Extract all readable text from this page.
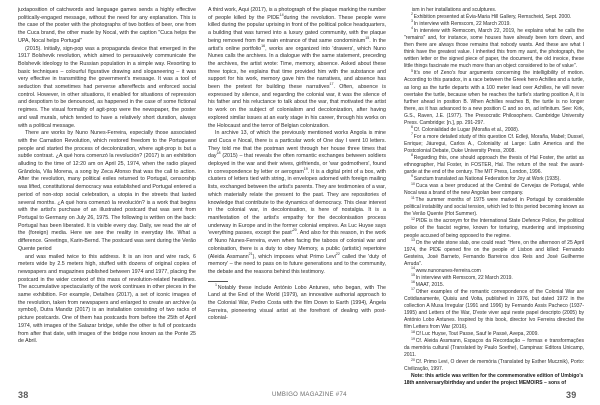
juxtaposition of catchwords and language games sends a highly effective politically-engaged message, without the need for any explanation. This is the case of the poster with the photographs of two bottles of beer, one from the Cuca brand, the other made by Nocal, with the caption "Cuca helps the UPA, Nocal helps Portugal"

(2015). Initially, sign-pop was a propaganda device that emerged in the 1917 Bolshevik revolution, which aimed to persuasively communicate the Bolshevik ideology to the Russian population in a simple way. Resorting to basic techniques – colourful figurative drawing and sloganeering – it was very effective in transmitting the government's message. It was a tool of seduction that sometimes had perverse aftereffects and enforced social control. However, in other situations, it enabled for situations of repression and despotism to be denounced, as happened in the case of some fictional regimes. The visual formality of agit-prop were the newspaper, the poster and wall murals, which tended to have a relatively short duration, always with a political message.

There are works by Nuno Nunes-Ferreira, especially those associated with the Carnation Revolution, which restored freedom to the Portuguese people and started the process of decolonization, where agit-prop is but a subtle contrast. ¿A qué hora comenzó la revolución? (2017) is an exhibition alluding to the time of 12:20 am on April 25, 1974, when the radio played Grândola, Vila Morena, a song by Zeca Afonso that was the call to action. After the revolution, many political exiles returned to Portugal, censorship was lifted, constitutional democracy was established and Portugal entered a period of non-stop social celebration, a utopia in the streets that lasted several months. ¿A qué hora comenzó la revolución? is a work that begins with the artist's purchase of an illustrated postcard that was sent from Portugal to Germany on July 26, 1975. The following is written on the back: Portugal has been liberated. It is visible every day. Daily, we read the air of the (foreign) media. Here we see the reality in everyday life. What a difference. Greetings, Karin-Bernd. The postcard was sent during the Verão Quente period

and was mailed twice to this address. It is an iron and wire rack, 6 meters wide by 2.5 meters high, stuffed with dozens of original copies of newspapers and magazines published between 1974 and 1977, placing the postcard in the wider context of this mass of revolution-related headlines. The accumulative spectacularity of the work continues in other pieces in the same exhibition. For example, Detalhes (2017), a set of iconic images of the revolution, taken from newspapers and enlarged to create an archive (a symbol), Dutra Mandiz (2017) is an installation consisting of two racks of picture postcards. One of them has postcards from before the 25th of April 1974, with images of the Salazar bridge, while the other is full of postcards from after that date, with images of the bridge now known as the Ponte 25 de Abril.

A third work, Aqui (2017), is a photograph of the plaque marking the number of people killed by the PIDE$^{14}$during the revolution. These people were killed during the popular uprising in front of the political police headquarters, a building that was turned into a luxury gated community, with the plaque being removed from the main entrance of that same condominium$^{15}$. In the artist's online portfolio$^{16}$, works are organized into 'drawers', which Nuno Nunes calls the archives. In a dialogue with the same statement, preceding the archives, the artist wrote: Time, memory, absence. Asked about these three topics, he explains that time provided him with the substance and support for his work, memory gave him the narratives, and absence has been the pretext for building these narratives$^{17}$. Often, absence is expressed by silence, and regarding the colonial war, it was the silence of his father and his reluctance to talk about the war, that motivated the artist to work on the subject of colonialism and decolonization, after having explored similar issues at an early stage in his career, through his works on the Holocaust and the terror of Belgian colonization.

In archive 13, of which the previously mentioned works Angola is mine and Cuca e Nocal, there is a particular work of One day I went 10 letters. They told me that the postman went through her house three times that day$^{18}$ (2015) – that reveals the often romantic exchanges between soldiers deployed in the war and their wives, girlfriends, or 'war godmothers', found in correspondence by letter or aerogram$^{19}$. It is a digital print of a box, with clusters of letters tied with string, in envelopes adorned with foreign mailing lists, exchanged between the artist's parents. They are testimonies of a war, which materially relate the present to the past. They are repositories of knowledge that contribute to the dynamics of democracy. This clear interest in the colonial war, in decolonisation, is here of nostalgia. It is a manifestation of the artist's empathy for the decolonisation process underway in Europe and in the former colonial empires. As Luc Huyse says 'everything passes, except the $past'^{20}$. And also for this reason, in the work of Nuno Nunes-Ferreira, even when facing the taboos of colonial war and colonisation, there is a duty to obey Memory, a public (artistic) repertoire (Aleida Assmann$^{21}$), which imposes what Primo Levi$^{22}$ called the 'duty of memory' – the need to pass on to future generations and to the community, the debate and the reasons behind this testimony.

$^1$Notably these include António Lobo Antunes, who began, with The Land at the End of the World (1979), an innovative authorial approach to the Colonial War, Pedro Costa with the film Down to Earth (1994), Ângela Ferreira, pioneering visual artist at the forefront of dealing with post-colonial-

ism in her installations and sculptures.

$^2$Exhibition presented at Évia-Maria Hill Gallery, Remscheid, Sept. 2000.

$^3$In interview with Remscom, 22 March 2019.

$^4$In interview with Remscom, March 22, 2019, he explains what he calls the "remains" and, for instance, some houses have already been torn down, and then there are always those remains that nobody wants. And these are what I think have the greatest value. I inherited this from my aunt, the photograph, the written letter or the signed piece of paper, the document, the old invoice, these little things fascinate me much more than an object considered to be of value".

$^5$It's one of Zeno's four arguments concerning the intelligibility of motion. According to this paradox, in a race between the Greek hero Achilles and a turtle, as long as the turtle departs with a 100 meter lead over Achilles, he will never overtake the turtle, because when he reaches the turtle's starting position A, it is further ahead in position B. When Achilles reaches B, the turtle is no longer there, as it has advanced to a new position C and so on, ad infinitum. See: Kirk, G.S., Raven, J.E. (1977). The Presocratic Philosophers. Cambridge University Press. Cambridge: [n.], pp. 291-297.

$^6$Cf. Colonialidad de Lugar (Morafia et al., 2008).

$^7$For a more detailed study of this question Cf. Edleji, Moraña, Mabel; Dussel, Enrique; Jáuregui, Carlos A., Coloniality at Large: Latin America and the Postcolonial Debate, Duke University Press, 2008.

$^8$Regarding this, one should approach the thesis of Hal Foster, the artist as ethnographer, Hal Foster, in FOSTER, Hal. The return of the real: the avant-garde at the end of the century. The MIT Press, London, 1996.

$^9$Sanctum translated as National Federation for Joy at Work (1935).

$^{10}$Cuca was a beer produced at the Central de Cervejas de Portugal, while Nocal was a brand of the new Angolan beer company.

$^{11}$The summer months of 1975 were marked in Portugal by considerable political instability and social tension, which led to this period becoming known as the Verão Quente (Hot Summer).

$^{12}$PIDE is the acronym for the International State Defence Police, the political police of the fascist regime, known for torturing, murdering and imprisoning people accused of being opposed to the regime.

$^{13}$On the white stone slab, one could read: "Here, on the afternoon of 25 April 1974, the PIDE opened fire on the people of Lisbon and killed: Fernando Gesteira, José Barneto, Fernando Barreiros dos Reis and José Guilherme Arruda".

$^{14}$www.nunonunes-ferreira.com

$^{15}$In interview with Remscom, 22 March 2019.

$^{16}$MAAT, 2015.

$^{17}$Other examples of the romantic correspondence of the Colonial War are Cotidianamente, Quisiu and Volta, published in 1976, but dated 1972 in the collection A Musa Irregular (1991 and 1996) by Fernando Assis Pacheco (1937-1995) and Letters of the War, D'este viver aqui neste papel descripto (2005) by António Lobo Antunes. Inspired by this book, director Ivo Ferreira directed the film Letters from War (2016).

$^{18}$Cf Luc Huyse, Tout Passe, Sauf le Passé, Avepa, 2009.

$^{19}$Cf. Aleida Assmann, Espaços da Recordação – formas e transformações da memória cultural (Translated by Paulo Soethe), Campinas: Editora Unicamp, 2011.

$^{20}$Cf. Primo Levi, O dever de memória (Translated by Esther Mucznik), Porto: Civilização, 1997.

Note: this article was written for the commemorative edition of Umbigo's 18th anniversary/birthday and under the project MEMOIRS – sons of

38	UMBIGO MAGAZINE #74	39
